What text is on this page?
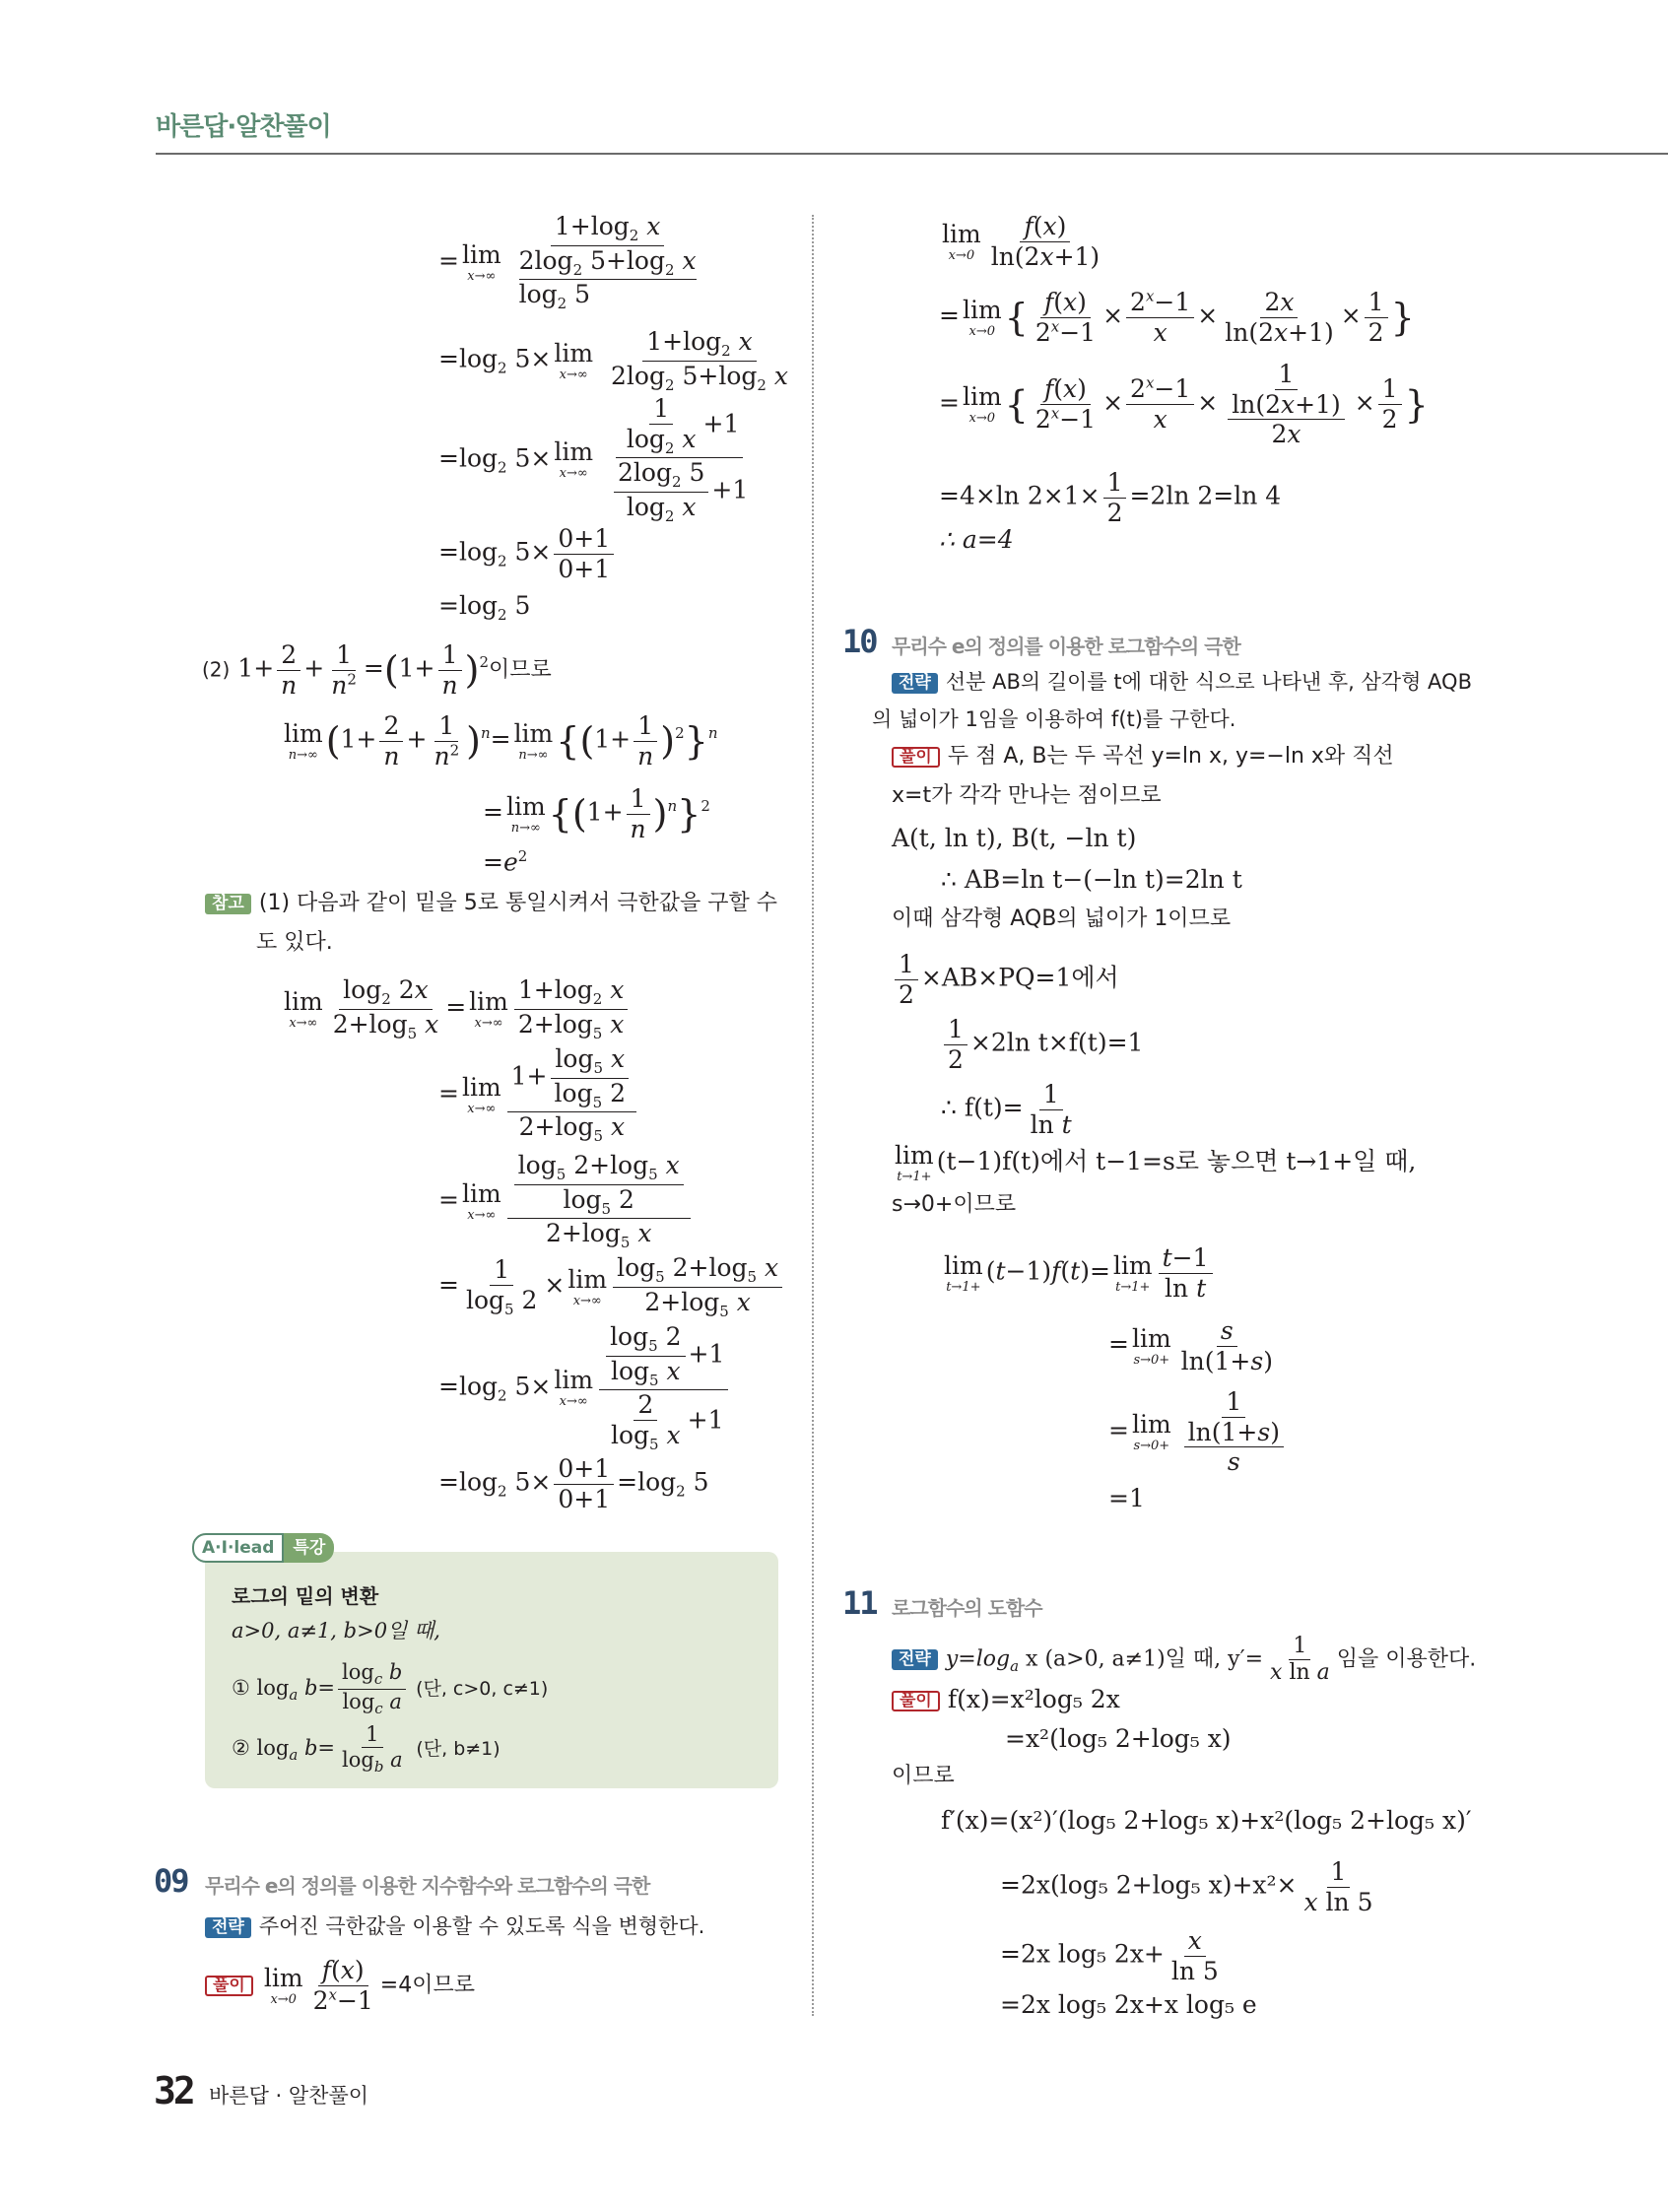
바른답·알찬풀이
= lim
x→∞

$1+\log_2$ x
$2\log_2$ $5+\log_2$ x
$\log_2 5$
$=\log_2$ 5× lim
x→∞
$\frac{1+\log_2 x}{2\log_2 5+\log_2 x}$
$=\log_2$ 5× lim
x→∞
$\frac{\frac{1}{\log_2 x} +1}{\frac{2\log_2 5}{\log_2 x} +1}$
$=\log_2$ $5\times \frac{0+1}{0+1}$
$=\log_2$ 5
(2) $1+ \frac{2}{n} + \frac{1}{n^2} =(1+ \frac{1}{n} )^2$이므로
lim
n→∞ $(1+ \frac{2}{n} + \frac{1}{n^2} )^n= \lim$
n→∞ $\{(1+ \frac{1}{n} )^2\}^n$
= lim
n→∞ $\{(1+ \frac{1}{n} )^n\}^2$
$=e^2$
참고 (1) 다음과 같이 밑을 5로 통일시켜서 극한값을 구할 수
도 있다.
lim
$x\to\infty \frac{\log_2 2x}{2+\log_5 x} = \lim$
$x\to\infty \frac{1+\log_2 x}{2+\log_5 x}$
= lim
$x\to\infty \frac{1+ \frac{\log_5 x}{\log_5 2}}{2+\log_5 x}$
= lim
$x\to\infty \frac{\frac{\log_5 2+\log_5 x}{\log_5 2}}{2+\log_5 x}$
= $\frac{1}{\log_5 2} \times \lim$
$x\to\infty \frac{\log_5 2+\log_5 x}{2+\log_5 x}$
$=\log_2$ 5× lim
$x\to\infty \frac{\frac{\log_5 2}{\log_5 x} +1}{\frac{2}{\log_5 x} +1}$
$=\log_2$ $5\times \frac{0+1}{0+1} =\log_2$ 5
A·I·lead 특강
로그의 밑의 변환
a>0, a≠1, b>0일 때,
① $\log_a b= \frac{\log_c b}{\log_c a}$ (단, c>0, c≠1)
② $\log_a b= \frac{1}{\log_b a}$ (단, b≠1)
09 무리수 e의 정의를 이용한 지수함수와 로그함수의 극한
전략 주어진 극한값을 이용할 수 있도록 식을 변형한다.
풀이 lim
$x\to 0 \frac{f(x)}{2^x-1} =4$이므로
lim
$x\to 0 \frac{f(x)}{\ln(2x+1)}$
= lim
x→0 { $\frac{f(x)}{2^x-1} \times \frac{2^x-1}{x} \times \frac{2x}{\ln(2x+1)} \times \frac{1}{2}$ }
= lim
x→0 { $\frac{f(x)}{2^x-1} \times \frac{2^x-1}{x} \times \frac{1}{\frac{\ln(2x+1)}{2x}} \times \frac{1}{2}$ }
=4×ln $2\times 1\times \frac{1}{2} =2\ln$ 2=ln 4
∴ a=4
10 무리수 e의 정의를 이용한 로그함수의 극한
전략 선분 AB의 길이를 t에 대한 식으로 나타낸 후, 삼각형 AQB
의 넓이가 1임을 이용하여 f(t)를 구한다.
풀이 두 점 A, B는 두 곡선 y=ln x, y=−ln x와 직선
x=t가 각각 만나는 점이므로
A(t, ln t), B(t, −ln t)
∴ AB=ln t−(−ln t)=2ln t
이때 삼각형 AQB의 넓이가 1이므로
$\frac{1}{2} \times AB\times PQ=1$에서
$\frac{1}{2} \times 2\ln$ t×f(t)=1
∴ $f(t)= \frac{1}{\text{ln t}}$
lim
t→1+
(t−1)f(t)에서 t−1=s로 놓으면 t→1+일 때,
s→0+이므로
lim
t→1+
(t−1)f(t)= lim
$t\to 1+ \frac{t-1}{\text{ln t}}$
= lim
$s\to 0+ \frac{s}{\ln(1+s)}$
= lim
$s\to 0+ \frac{1}{\frac{\ln(1+s)}{s}}$
=1
11 로그함수의 도함수
전략 $y=\log_a$ x (a>0, a≠1)일 때, $y'= \frac{1}{\text{x ln a}}$ 임을 이용한다.
풀이 f(x)=x²log₅ 2x
=x²(log₅ 2+log₅ x)
이므로
f′(x)=(x²)′(log₅ 2+log₅ x)+x²(log₅ 2+log₅ x)′
=2x(log₅ 2+log₅ $x)+x^2\times \frac{1}{\text{x ln 5}}$
=2x log₅ $2x+ \frac{x}{\ln 5}$
=2x log₅ 2x+x log₅ e
32 바른답 · 알찬풀이
